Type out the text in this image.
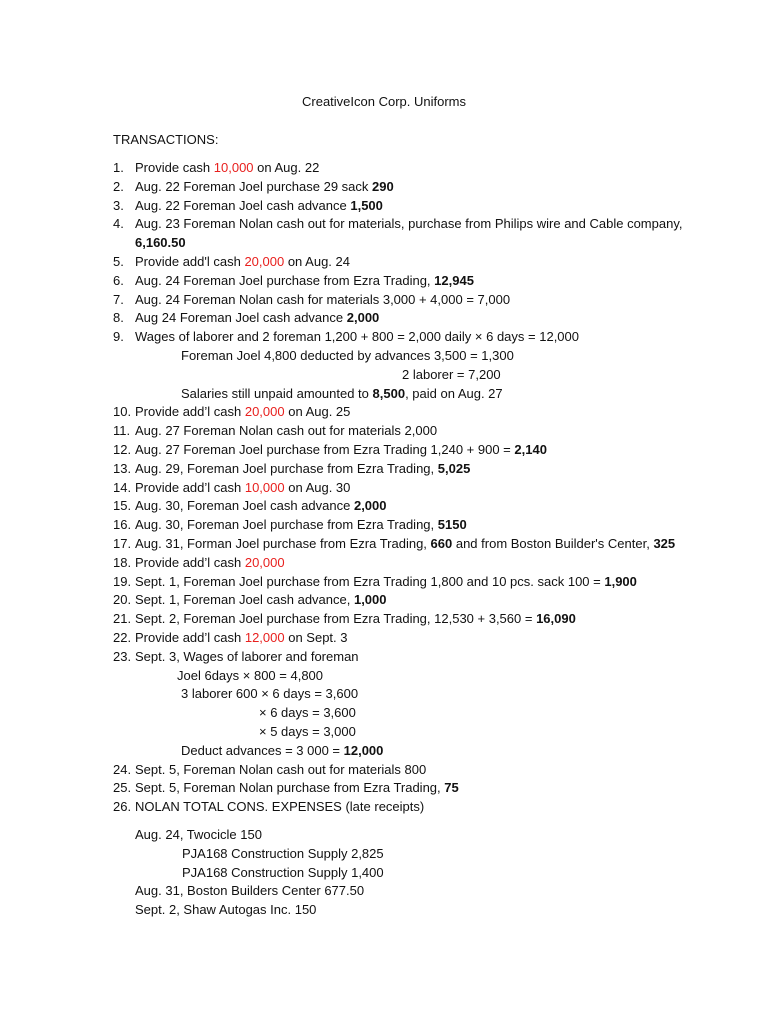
CreativeIcon Corp. Uniforms
TRANSACTIONS:
1. Provide cash 10,000 on Aug. 22
2. Aug. 22 Foreman Joel purchase 29 sack 290
3. Aug. 22 Foreman Joel cash advance 1,500
4. Aug. 23 Foreman Nolan cash out for materials, purchase from Philips wire and Cable company,
6,160.50
5. Provide add'l cash 20,000 on Aug. 24
6. Aug. 24 Foreman Joel purchase from Ezra Trading, 12,945
7. Aug. 24 Foreman Nolan cash for materials 3,000 + 4,000 = 7,000
8. Aug 24 Foreman Joel cash advance 2,000
9. Wages of laborer and 2 foreman 1,200 + 800 = 2,000 daily × 6 days = 12,000
Foreman Joel 4,800 deducted by advances 3,500 = 1,300
2 laborer = 7,200
Salaries still unpaid amounted to 8,500, paid on Aug. 27
10. Provide add’l cash 20,000 on Aug. 25
11. Aug. 27 Foreman Nolan cash out for materials 2,000
12. Aug. 27 Foreman Joel purchase from Ezra Trading 1,240 + 900 = 2,140
13. Aug. 29, Foreman Joel purchase from Ezra Trading, 5,025
14. Provide add’l cash 10,000 on Aug. 30
15. Aug. 30, Foreman Joel cash advance 2,000
16. Aug. 30, Foreman Joel purchase from Ezra Trading, 5150
17. Aug. 31, Forman Joel purchase from Ezra Trading, 660 and from Boston Builder's Center, 325
18. Provide add’l cash 20,000
19. Sept. 1, Foreman Joel purchase from Ezra Trading 1,800 and 10 pcs. sack 100 = 1,900
20. Sept. 1, Foreman Joel cash advance, 1,000
21. Sept. 2, Foreman Joel purchase from Ezra Trading, 12,530 + 3,560 = 16,090
22. Provide add’l cash 12,000 on Sept. 3
23. Sept. 3, Wages of laborer and foreman
Joel 6days × 800 = 4,800
3 laborer 600 × 6 days = 3,600
× 6 days = 3,600
× 5 days = 3,000
Deduct advances = 3 000 = 12,000
24. Sept. 5, Foreman Nolan cash out for materials 800
25. Sept. 5, Foreman Nolan purchase from Ezra Trading, 75
26. NOLAN TOTAL CONS. EXPENSES (late receipts)
Aug. 24, Twocicle 150
PJA168 Construction Supply 2,825
PJA168 Construction Supply 1,400
Aug. 31, Boston Builders Center 677.50
Sept. 2, Shaw Autogas Inc. 150
